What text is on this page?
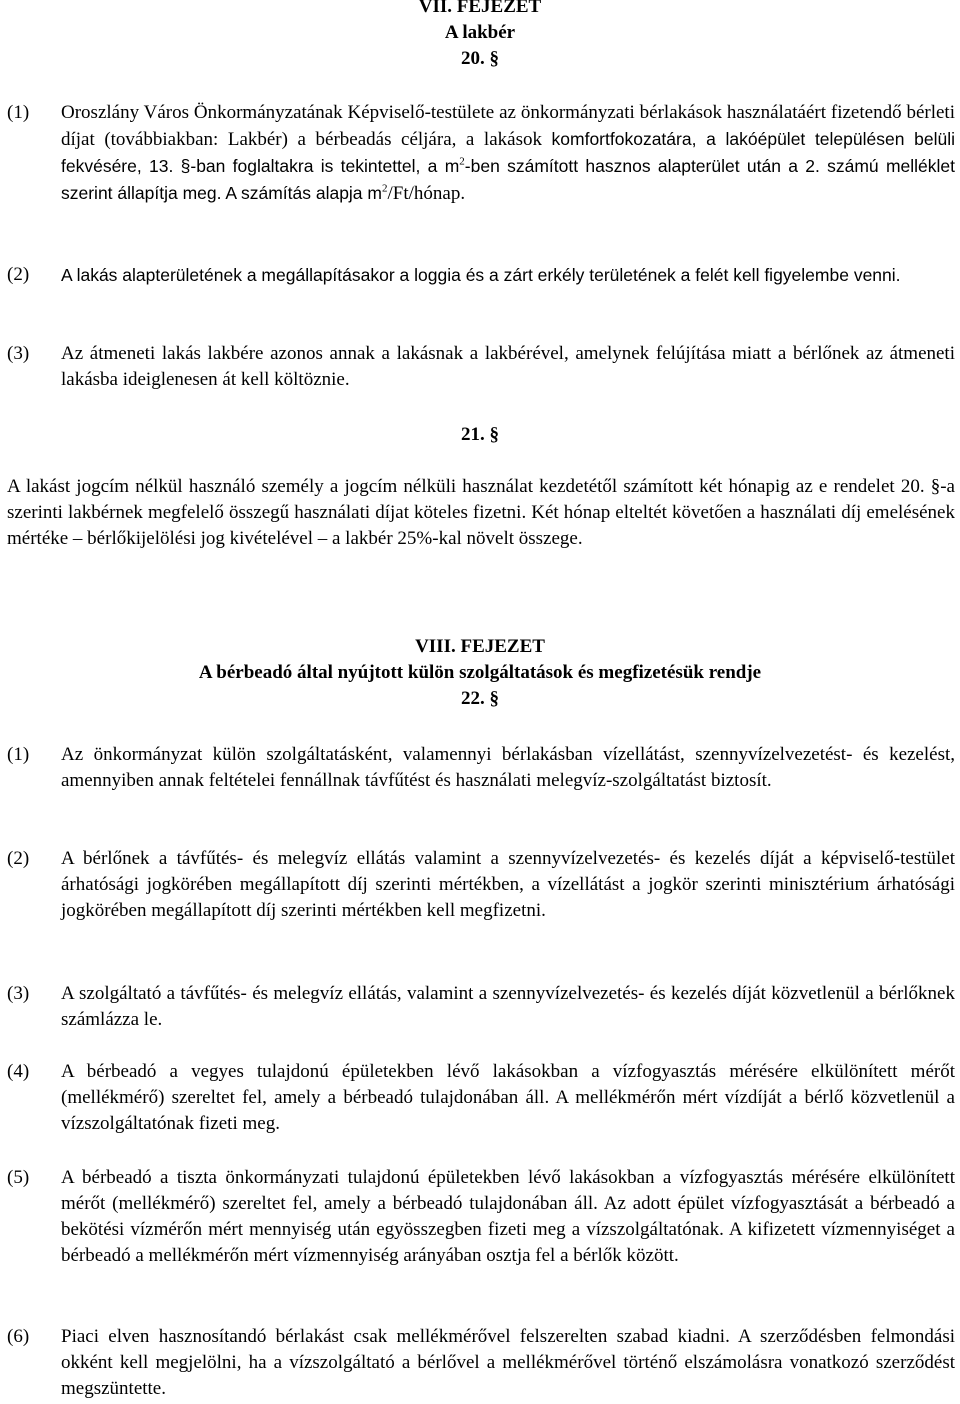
VII. FEJEZET
A lakbér
20. §
(1)	Oroszlány Város Önkormányzatának Képviselő-testülete az önkormányzati bérlakások használatáért fizetendő bérleti díjat (továbbiakban: Lakbér) a bérbeadás céljára, a lakások komfortfokozatára, a lakóépület településen belüli fekvésére, 13. §-ban foglaltakra is tekintettel, a $m^2$-ben számított hasznos alapterület után a 2. számú melléklet szerint állapítja meg. A számítás alapja $m^2/Ft$/hónap.
(2)	A lakás alapterületének a megállapításakor a loggia és a zárt erkély területének a felét kell figyelembe venni.
(3)	Az átmeneti lakás lakbére azonos annak a lakásnak a lakbérével, amelynek felújítása miatt a bérlőnek az átmeneti lakásba ideiglenesen át kell költöznie.
21. §
A lakást jogcím nélkül használó személy a jogcím nélküli használat kezdetétől számított két hónapig az e rendelet 20. §-a szerinti lakbérnek megfelelő összegű használati díjat köteles fizetni. Két hónap elteltét követően a használati díj emelésének mértéke – bérlőkijelölési jog kivételével – a lakbér 25%-kal növelt összege.
VIII. FEJEZET
A bérbeadó által nyújtott külön szolgáltatások és megfizetésük rendje
22. §
(1)	Az önkormányzat külön szolgáltatásként, valamennyi bérlakásban vízellátást, szennyvízelvezetést- és kezelést, amennyiben annak feltételei fennállnak távfűtést és használati melegvíz-szolgáltatást biztosít.
(2)	A bérlőnek a távfűtés- és melegvíz ellátás valamint a szennyvízelvezetés- és kezelés díját a képviselő-testület árhatósági jogkörében megállapított díj szerinti mértékben, a vízellátást a jogkör szerinti minisztérium árhatósági jogkörében megállapított díj szerinti mértékben kell megfizetni.
(3)	A szolgáltató a távfűtés- és melegvíz ellátás, valamint a szennyvízelvezetés- és kezelés díját közvetlenül a bérlőknek számlázza le.
(4)	A bérbeadó a vegyes tulajdonú épületekben lévő lakásokban a vízfogyasztás mérésére elkülönített mérőt (mellékmérő) szereltet fel, amely a bérbeadó tulajdonában áll. A mellékmérőn mért vízdíját a bérlő közvetlenül a vízszolgáltatónak fizeti meg.
(5)	A bérbeadó a tiszta önkormányzati tulajdonú épületekben lévő lakásokban a vízfogyasztás mérésére elkülönített mérőt (mellékmérő) szereltet fel, amely a bérbeadó tulajdonában áll. Az adott épület vízfogyasztását a bérbeadó a bekötési vízmérőn mért mennyiség után egyösszegben fizeti meg a vízszolgáltatónak. A kifizetett vízmennyiséget a bérbeadó a mellékmérőn mért vízmennyiség arányában osztja fel a bérlők között.
(6)	Piaci elven hasznosítandó bérlakást csak mellékmérővel felszerelten szabad kiadni. A szerződésben felmondási okként kell megjelölni, ha a vízszolgáltató a bérlővel a mellékmérővel történő elszámolásra vonatkozó szerződést megszüntette.
